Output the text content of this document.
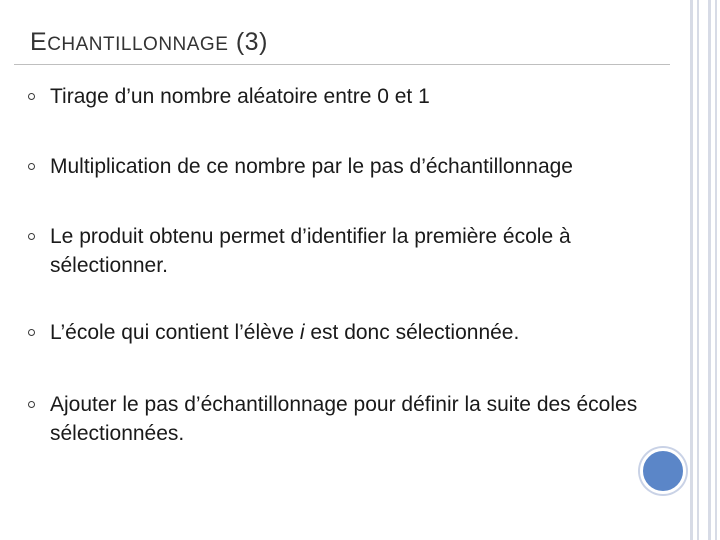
ECHANTILLONNAGE (3)
Tirage d’un nombre aléatoire entre 0 et 1
Multiplication de ce nombre par le pas d’échantillonnage
Le produit obtenu permet d’identifier la première école à sélectionner.
L’école qui contient l’élève i est donc sélectionnée.
Ajouter le pas d’échantillonnage pour définir la suite des écoles sélectionnées.
